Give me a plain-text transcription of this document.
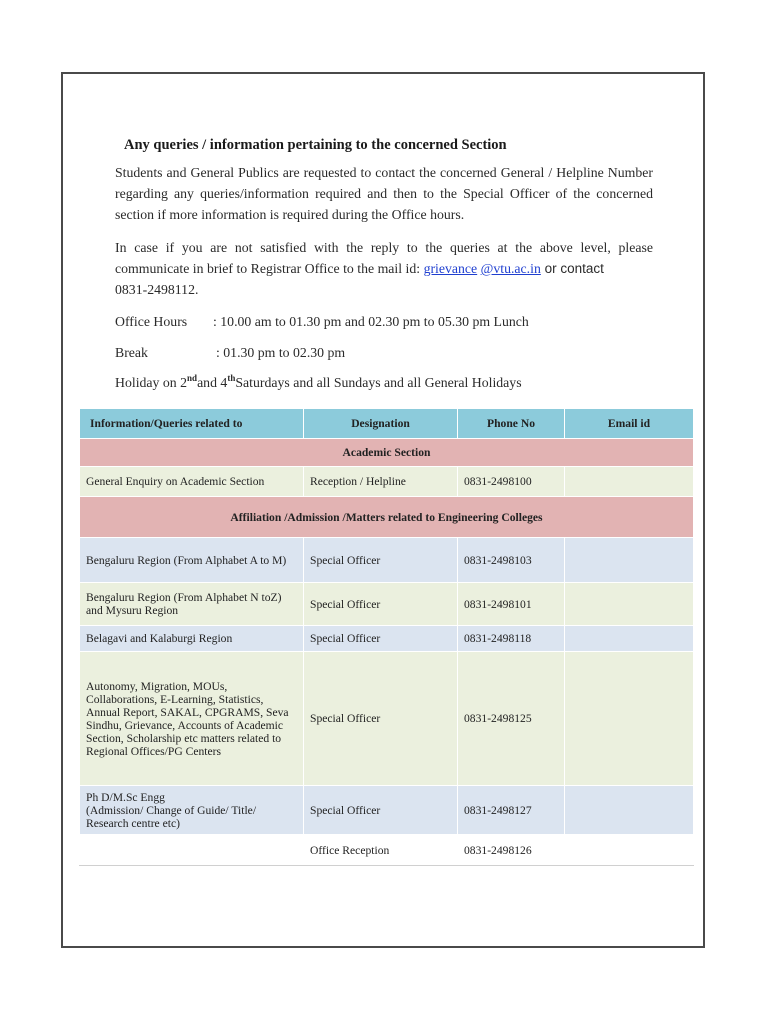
Any queries / information pertaining to the concerned Section
Students and General Publics are requested to contact the concerned General / Helpline Number regarding any queries/information required and then to the Special Officer of the concerned section if more information is required during the Office hours.
In case if you are not satisfied with the reply to the queries at the above level, please communicate in brief to Registrar Office to the mail id: grievance @vtu.ac.in or contact
0831-2498112.
Office Hours : 10.00 am to 01.30 pm and 02.30 pm to 05.30 pm Lunch
Break	: 01.30 pm to 02.30 pm
Holiday on 2ndand 4thSaturdays and all Sundays and all General Holidays
Information/Queries related to	Designation	Phone No	Email id
Academic Section			
General Enquiry on Academic Section	Reception / Helpline	0831-2498100	
Affiliation /Admission /Matters related to Engineering Colleges			
Bengaluru Region (From Alphabet A to M)	Special Officer	0831-2498103	
Bengaluru Region (From Alphabet N toZ) and Mysuru Region	Special Officer	0831-2498101	
Belagavi and Kalaburgi Region	Special Officer	0831-2498118	
Autonomy, Migration, MOUs, Collaborations, E-Learning, Statistics, Annual Report, SAKAL, CPGRAMS, Seva Sindhu, Grievance, Accounts of Academic Section, Scholarship etc matters related to Regional Offices/PG Centers	Special Officer	0831-2498125	
Ph D/M.Sc Engg
(Admission/ Change of Guide/ Title/ Research centre etc)	Special Officer	0831-2498127	
	Office Reception	0831-2498126	
